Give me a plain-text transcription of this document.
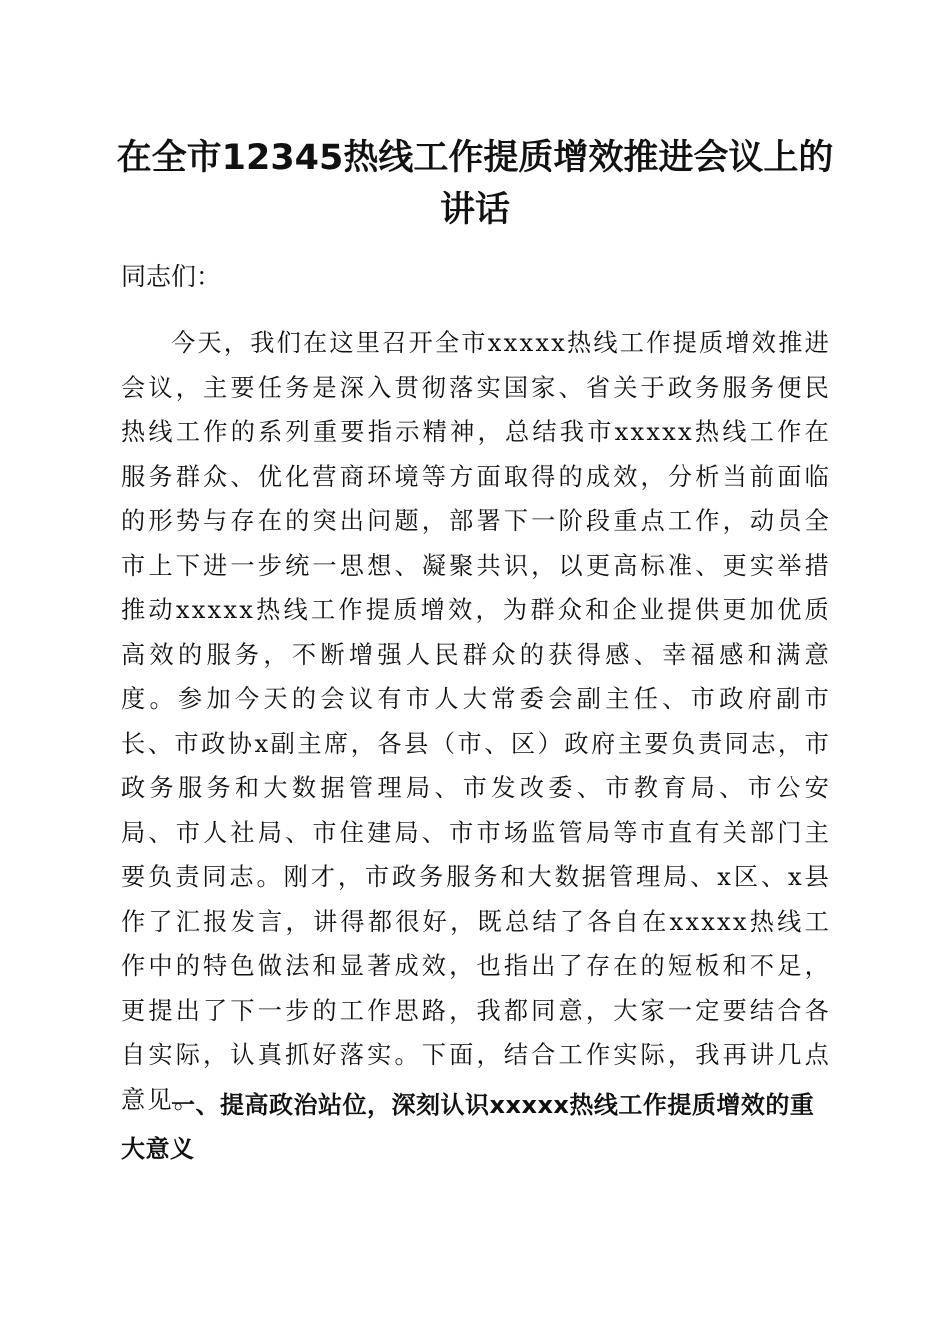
在全市12345热线工作提质增效推进会议上的讲话

同志们：

今天，我们在这里召开全市xxxxx热线工作提质增效推进会议，主要任务是深入贯彻落实国家、省关于政务服务便民热线工作的系列重要指示精神，总结我市xxxxx热线工作在服务群众、优化营商环境等方面取得的成效，分析当前面临的形势与存在的突出问题，部署下一阶段重点工作，动员全市上下进一步统一思想、凝聚共识，以更高标准、更实举措推动xxxxx热线工作提质增效，为群众和企业提供更加优质高效的服务，不断增强人民群众的获得感、幸福感和满意度。参加今天的会议有市人大常委会副主任、市政府副市长、市政协x副主席，各县（市、区）政府主要负责同志，市政务服务和大数据管理局、市发改委、市教育局、市公安局、市人社局、市住建局、市市场监管局等市直有关部门主要负责同志。刚才，市政务服务和大数据管理局、x区、x县作了汇报发言，讲得都很好，既总结了各自在xxxxx热线工作中的特色做法和显著成效，也指出了存在的短板和不足，更提出了下一步的工作思路，我都同意，大家一定要结合各自实际，认真抓好落实。下面，结合工作实际，我再讲几点意见。

一、提高政治站位，深刻认识xxxxx热线工作提质增效的重大意义
